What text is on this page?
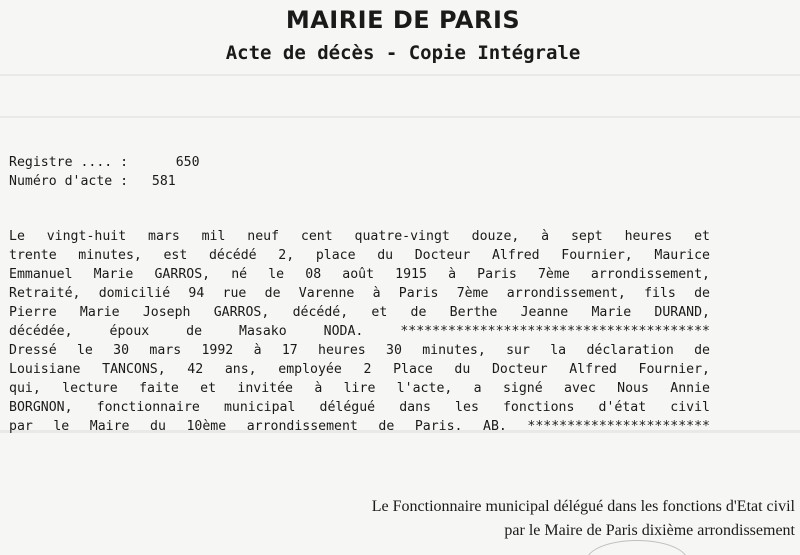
MAIRIE DE PARIS
Acte de décès - Copie Intégrale
Registre .... :	650
Numéro d'acte : 581
Le vingt-huit mars mil neuf cent quatre-vingt douze, à sept heures et
trente minutes, est décédé 2, place du Docteur Alfred Fournier, Maurice
Emmanuel Marie GARROS, né le 08 août 1915 à Paris 7ème arrondissement,
Retraité, domicilié 94 rue de Varenne à Paris 7ème arrondissement, fils de
Pierre Marie Joseph GARROS, décédé, et de Berthe Jeanne Marie DURAND,
décédée, époux de Masako NODA. ***************************************
Dressé le 30 mars 1992 à 17 heures 30 minutes, sur la déclaration de
Louisiane TANCONS, 42 ans, employée 2 Place du Docteur Alfred Fournier,
qui, lecture faite et invitée à lire l'acte, a signé avec Nous Annie
BORGNON, fonctionnaire municipal délégué dans les fonctions d'état civil
par le Maire du 10ème arrondissement de Paris. AB. ***********************
Le Fonctionnaire municipal délégué dans les fonctions d'Etat civil
par le Maire de Paris dixième arrondissement
